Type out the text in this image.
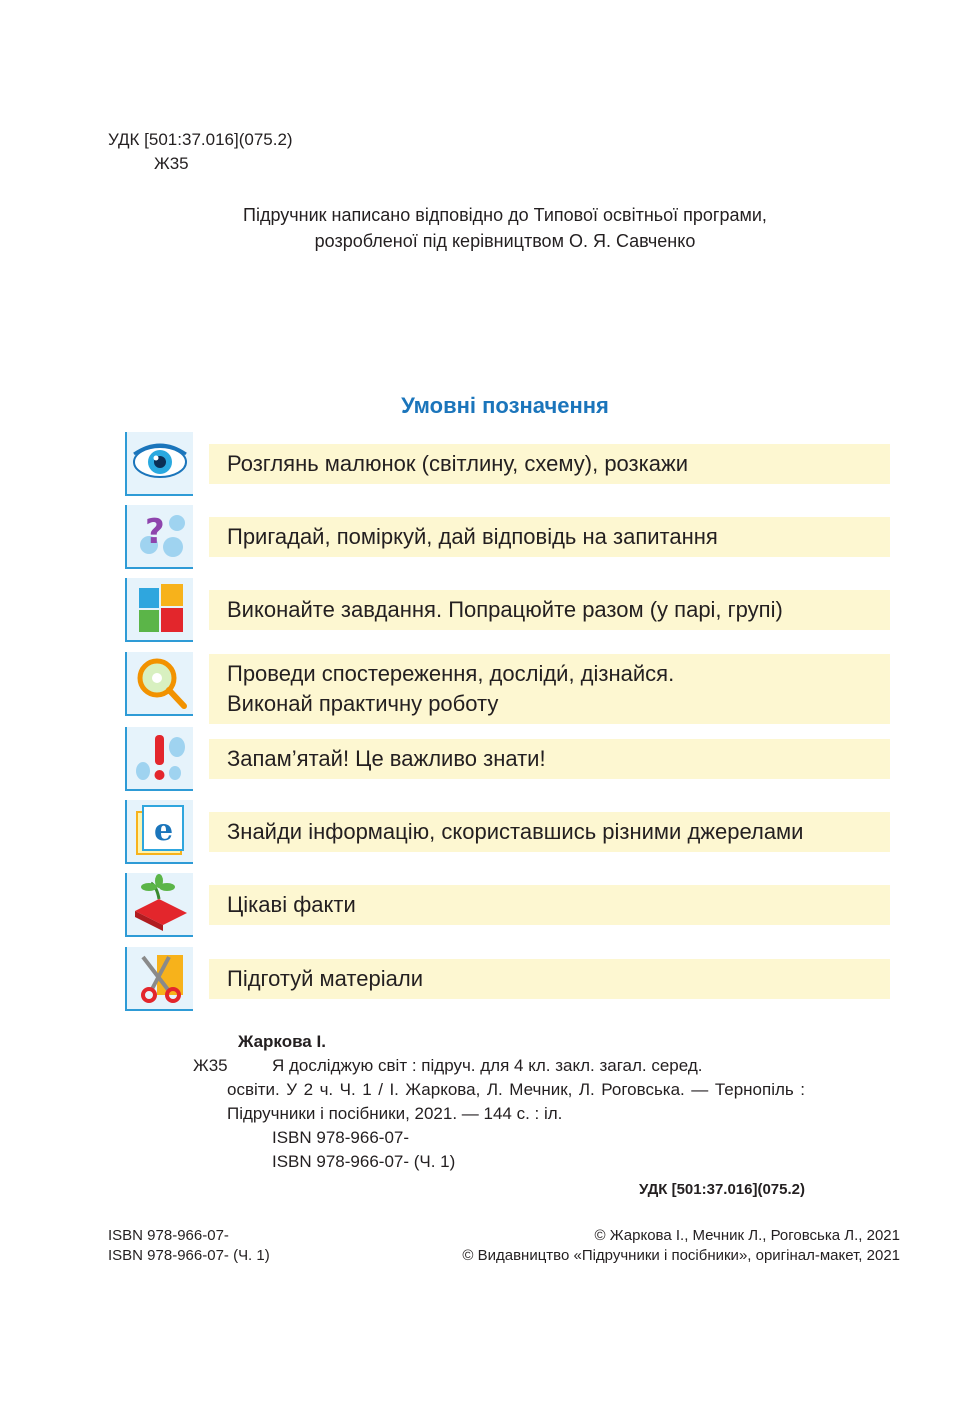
УДК [501:37.016](075.2)
Ж35
Підручник написано відповідно до Типової освітньої програми,
розробленої під керівництвом О. Я. Савченко
Умовні позначення
Розглянь малюнок (світлину, схему), розкажи
?	Пригадай, поміркуй, дай відповідь на запитання
Виконайте завдання. Попрацюйте разом (у парі, групі)
Проведи спостереження, досліди́, дізнайся.
Виконай практичну роботу
Запам’ятай! Це важливо знати!
e	Знайди інформацію, скориставшись різними джерелами
Цікаві факти
Підготуй матеріали
Жаркова І.
Ж35	Я досліджую світ : підруч. для 4 кл. закл. загал. серед.
освіти. У 2 ч. Ч. 1 / І. Жаркова, Л. Мечник, Л. Роговська. — Тернопіль : Підручники і посібники, 2021. — 144 с. : іл.
ISBN 978-966-07-
ISBN 978-966-07- (Ч. 1)
УДК [501:37.016](075.2)
ISBN 978-966-07-
ISBN 978-966-07- (Ч. 1)
© Жаркова І., Мечник Л., Роговська Л., 2021
© Видавництво «Підручники і посібники», оригінал-макет, 2021
